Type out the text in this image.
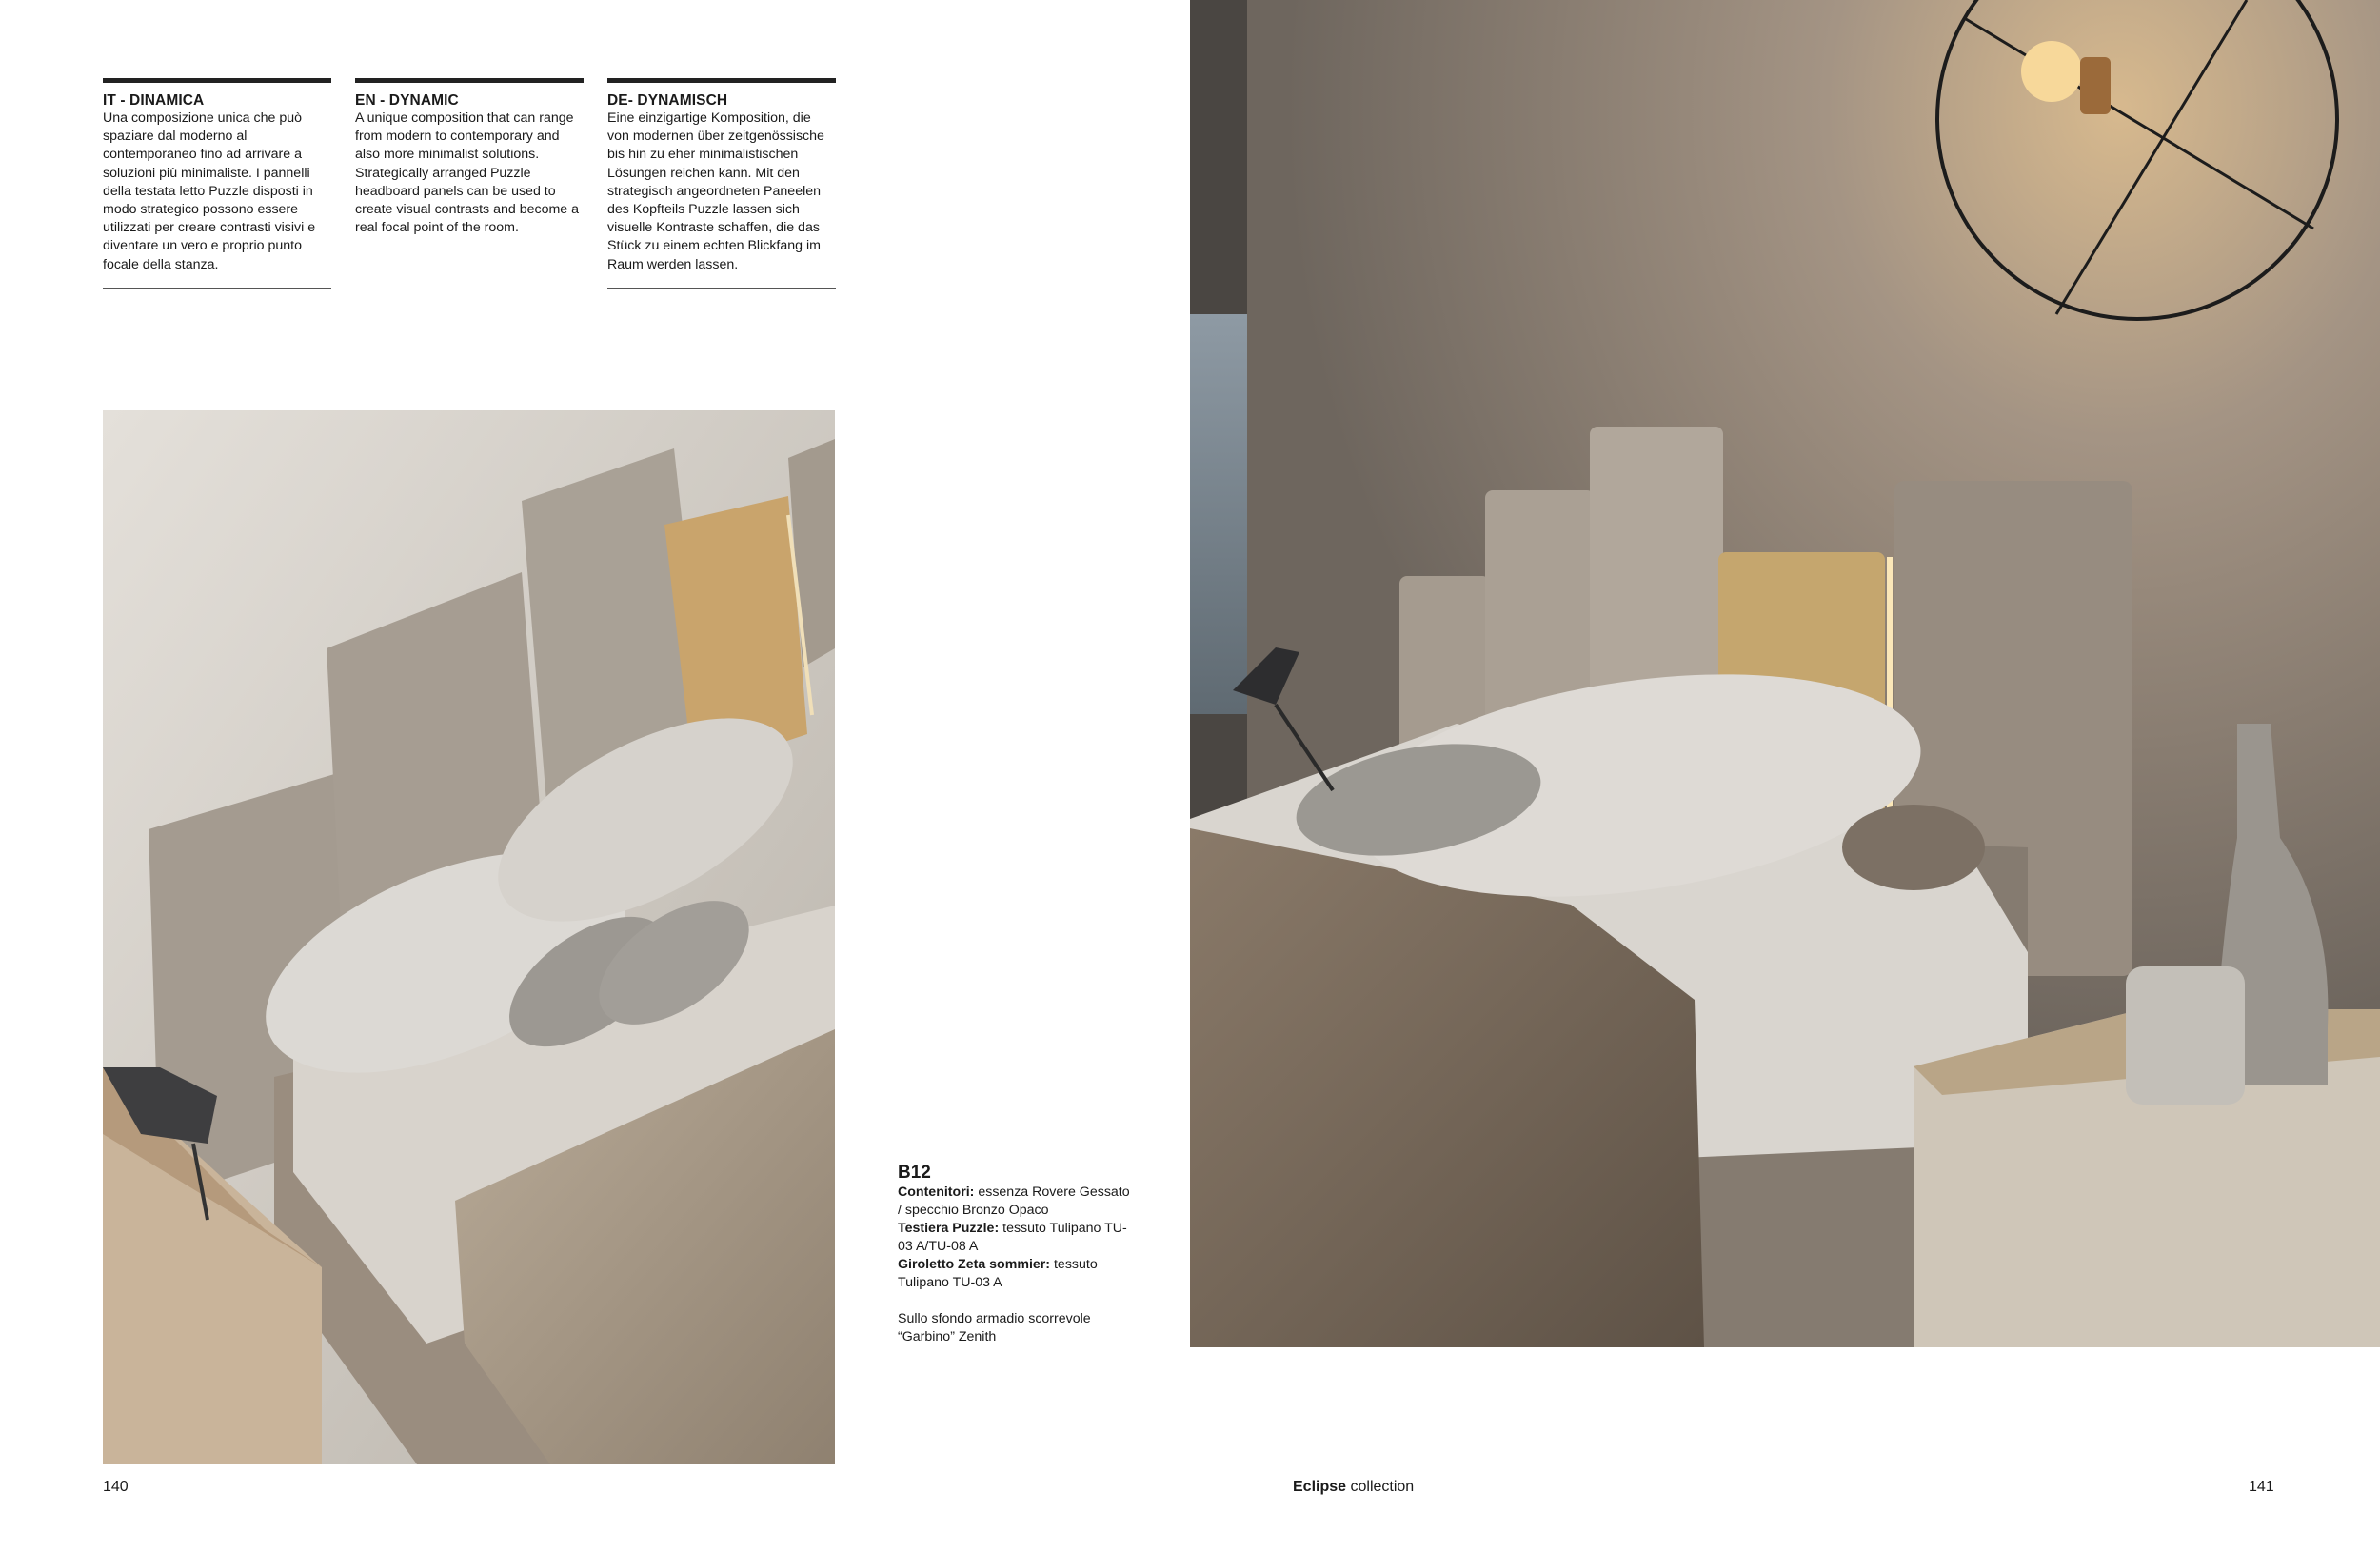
IT - DINAMICA

Una composizione unica che può spaziare dal moderno al contemporaneo fino ad arrivare a soluzioni più minimaliste. I pannelli della testata letto Puzzle disposti in modo strategico possono essere utilizzati per creare contrasti visivi e diventare un vero e proprio punto focale della stanza.

EN - DYNAMIC

A unique composition that can range from modern to contemporary and also more minimalist solutions. Strategically arranged Puzzle headboard panels can be used to create visual contrasts and become a real focal point of the room.

DE- DYNAMISCH

Eine einzigartige Komposition, die von modernen über zeitgenössische bis hin zu eher minimalistischen Lösungen reichen kann. Mit den strategisch angeordneten Paneelen des Kopfteils Puzzle lassen sich visuelle Kontraste schaffen, die das Stück zu einem echten Blickfang im Raum werden lassen.

B12
Contenitori: essenza Rovere Gessato / specchio Bronzo Opaco
Testiera Puzzle: tessuto Tulipano TU-03 A/TU-08 A
Giroletto Zeta sommier: tessuto Tulipano TU-03 A
Sullo sfondo armadio scorrevole “Garbino” Zenith
140	Eclipse collection	141
